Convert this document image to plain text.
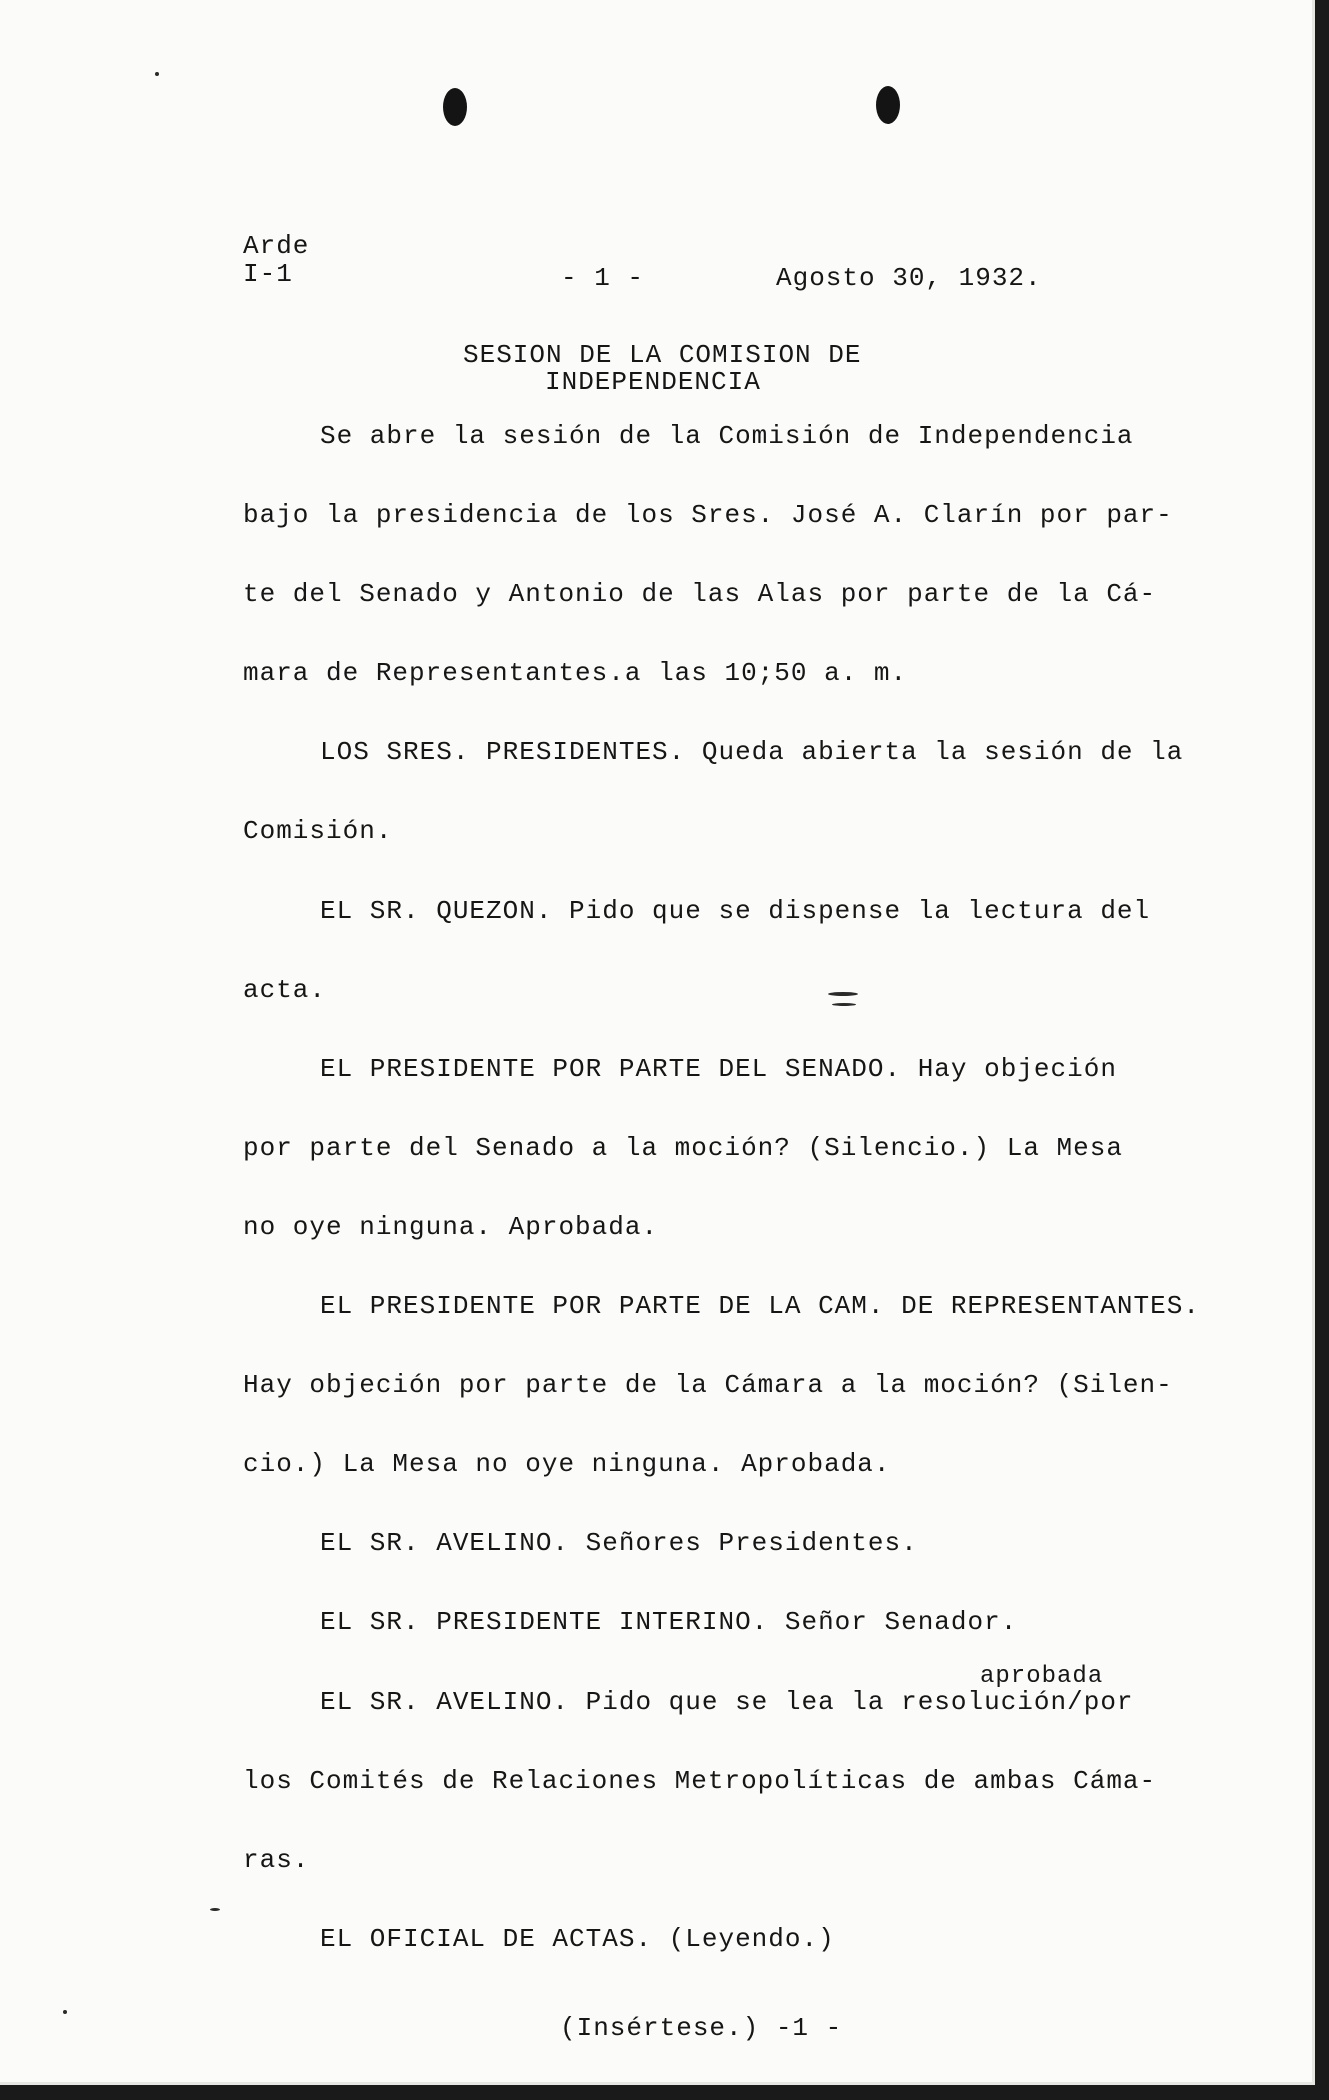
Arde
I-1	- 1 -	Agosto 30, 1932.
SESION DE LA COMISION DE
INDEPENDENCIA
Se abre la sesión de la Comisión de Independencia
bajo la presidencia de los Sres. José A. Clarín por par-
te del Senado y Antonio de las Alas por parte de la Cá-
mara de Representantes.a las 10;50 a. m.
LOS SRES. PRESIDENTES. Queda abierta la sesión de la
Comisión.
EL SR. QUEZON. Pido que se dispense la lectura del
acta.
EL PRESIDENTE POR PARTE DEL SENADO. Hay objeción
por parte del Senado a la moción? (Silencio.) La Mesa
no oye ninguna. Aprobada.
EL PRESIDENTE POR PARTE DE LA CAM. DE REPRESENTANTES.
Hay objeción por parte de la Cámara a la moción? (Silen-
cio.) La Mesa no oye ninguna. Aprobada.
EL SR. AVELINO. Señores Presidentes.
EL SR. PRESIDENTE INTERINO. Señor Senador.
aprobada
EL SR. AVELINO. Pido que se lea la resolución/por
los Comités de Relaciones Metropolíticas de ambas Cáma-
ras.
EL OFICIAL DE ACTAS. (Leyendo.)
(Insértese.) -1 -
